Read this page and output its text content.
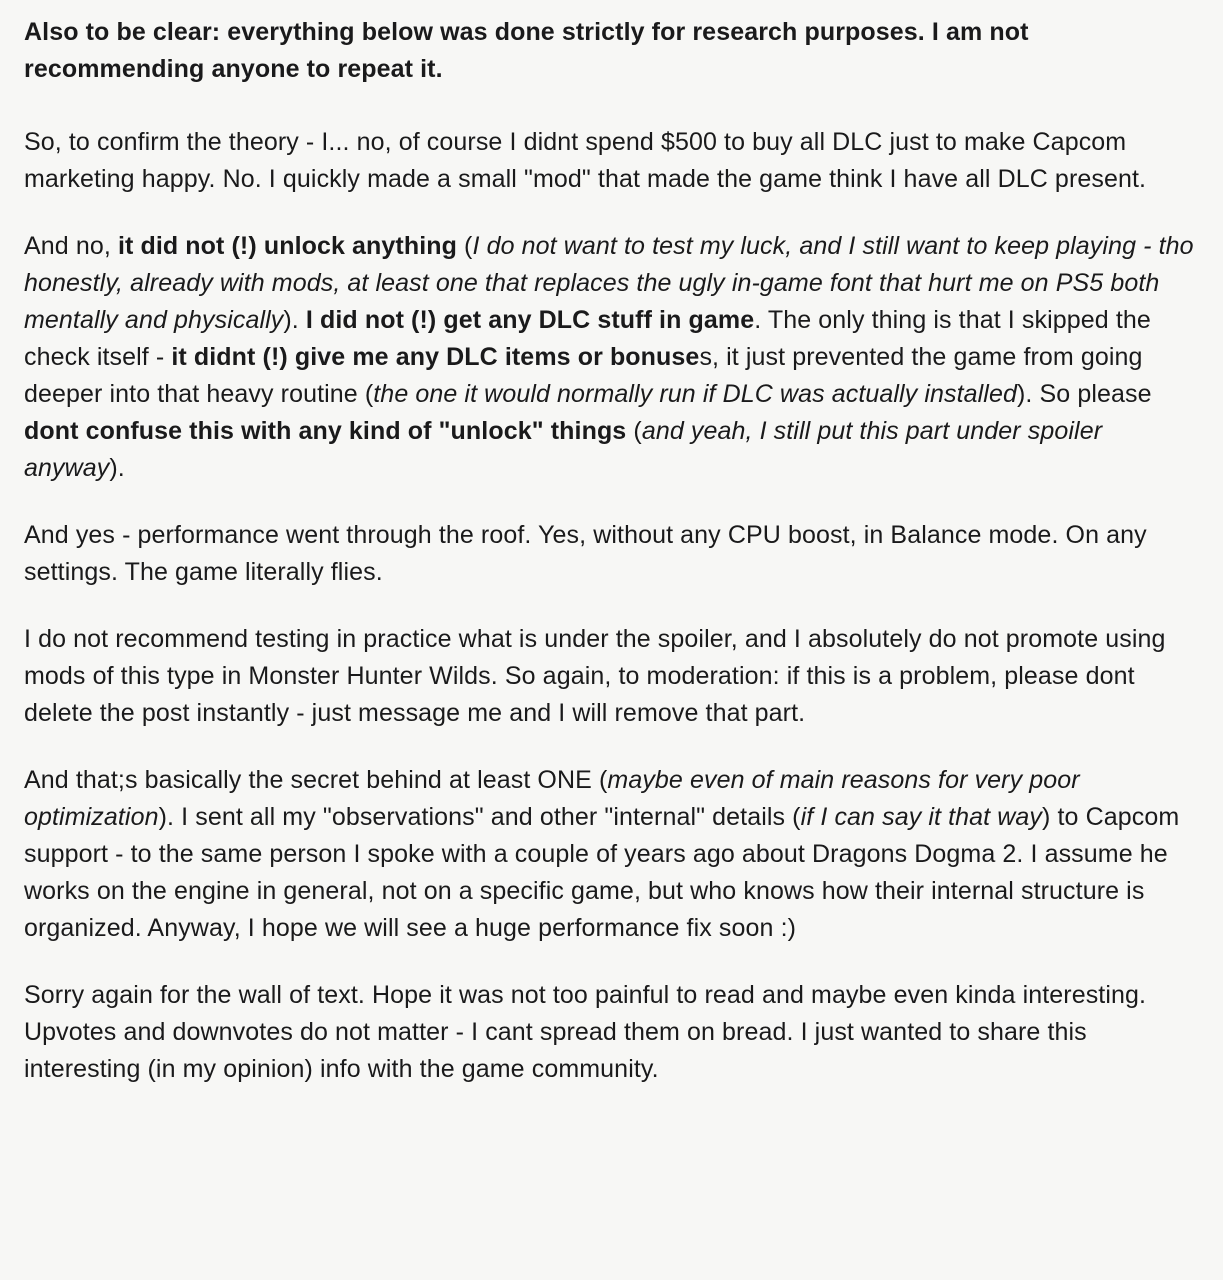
Also to be clear: everything below was done strictly for research purposes. I am not recommending anyone to repeat it.

So, to confirm the theory - I... no, of course I didnt spend $500 to buy all DLC just to make Capcom marketing happy. No. I quickly made a small "mod" that made the game think I have all DLC present.

And no, it did not (!) unlock anything (I do not want to test my luck, and I still want to keep playing - tho honestly, already with mods, at least one that replaces the ugly in-game font that hurt me on PS5 both mentally and physically). I did not (!) get any DLC stuff in game. The only thing is that I skipped the check itself - it didnt (!) give me any DLC items or bonuses, it just prevented the game from going deeper into that heavy routine (the one it would normally run if DLC was actually installed). So please dont confuse this with any kind of "unlock" things (and yeah, I still put this part under spoiler anyway).

And yes - performance went through the roof. Yes, without any CPU boost, in Balance mode. On any settings. The game literally flies.

I do not recommend testing in practice what is under the spoiler, and I absolutely do not promote using mods of this type in Monster Hunter Wilds. So again, to moderation: if this is a problem, please dont delete the post instantly - just message me and I will remove that part.

And that;s basically the secret behind at least ONE (maybe even of main reasons for very poor optimization). I sent all my "observations" and other "internal" details (if I can say it that way) to Capcom support - to the same person I spoke with a couple of years ago about Dragons Dogma 2. I assume he works on the engine in general, not on a specific game, but who knows how their internal structure is organized. Anyway, I hope we will see a huge performance fix soon :)

Sorry again for the wall of text. Hope it was not too painful to read and maybe even kinda interesting. Upvotes and downvotes do not matter - I cant spread them on bread. I just wanted to share this interesting (in my opinion) info with the game community.
